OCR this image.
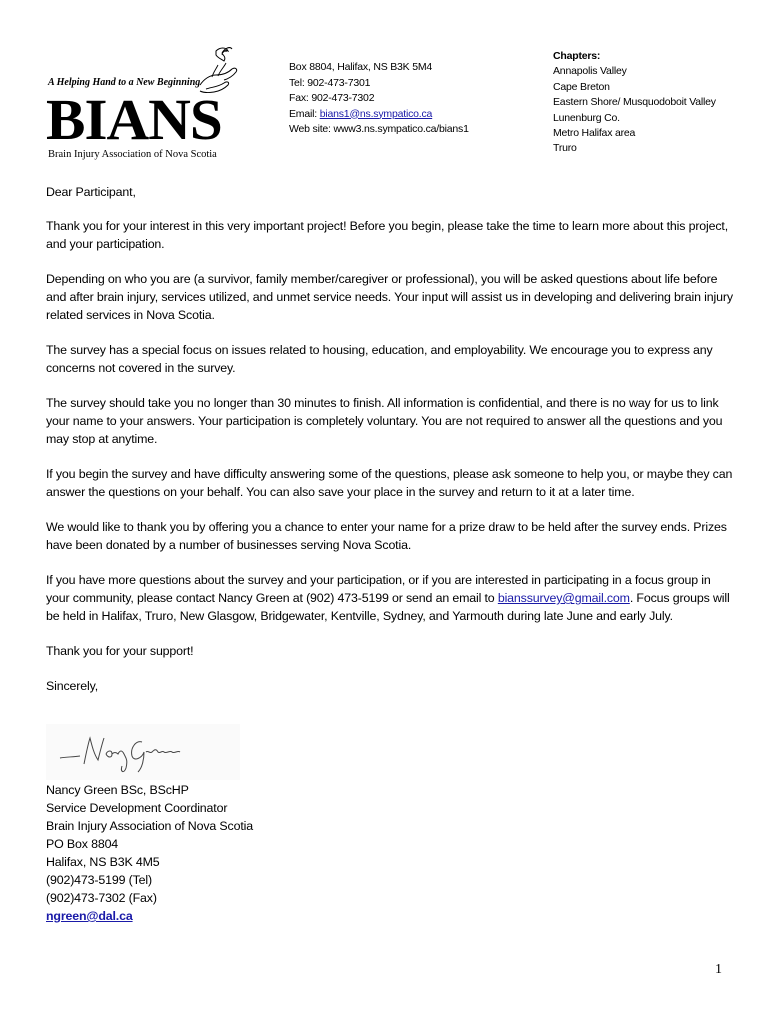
A Helping Hand to a New Beginning
BIANS
Brain Injury Association of Nova Scotia
Box 8804, Halifax, NS B3K 5M4
Tel: 902-473-7301
Fax: 902-473-7302
Email: bians1@ns.sympatico.ca
Web site: www3.ns.sympatico.ca/bians1
Chapters:
Annapolis Valley
Cape Breton
Eastern Shore/ Musquodoboit Valley
Lunenburg Co.
Metro Halifax area
Truro

Dear Participant,

Thank you for your interest in this very important project! Before you begin, please take the time to learn more about this project, and your participation.

Depending on who you are (a survivor, family member/caregiver or professional), you will be asked questions about life before and after brain injury, services utilized, and unmet service needs. Your input will assist us in developing and delivering brain injury related services in Nova Scotia.

The survey has a special focus on issues related to housing, education, and employability. We encourage you to express any concerns not covered in the survey.

The survey should take you no longer than 30 minutes to finish. All information is confidential, and there is no way for us to link your name to your answers. Your participation is completely voluntary. You are not required to answer all the questions and you may stop at anytime.

If you begin the survey and have difficulty answering some of the questions, please ask someone to help you, or maybe they can answer the questions on your behalf. You can also save your place in the survey and return to it at a later time.

We would like to thank you by offering you a chance to enter your name for a prize draw to be held after the survey ends. Prizes have been donated by a number of businesses serving Nova Scotia.

If you have more questions about the survey and your participation, or if you are interested in participating in a focus group in your community, please contact Nancy Green at (902) 473-5199 or send an email to bianssurvey@gmail.com. Focus groups will be held in Halifax, Truro, New Glasgow, Bridgewater, Kentville, Sydney, and Yarmouth during late June and early July.

Thank you for your support!

Sincerely,

Nancy Green BSc, BScHP
Service Development Coordinator
Brain Injury Association of Nova Scotia
PO Box 8804
Halifax, NS B3K 4M5
(902)473-5199 (Tel)
(902)473-7302 (Fax)
ngreen@dal.ca
1
